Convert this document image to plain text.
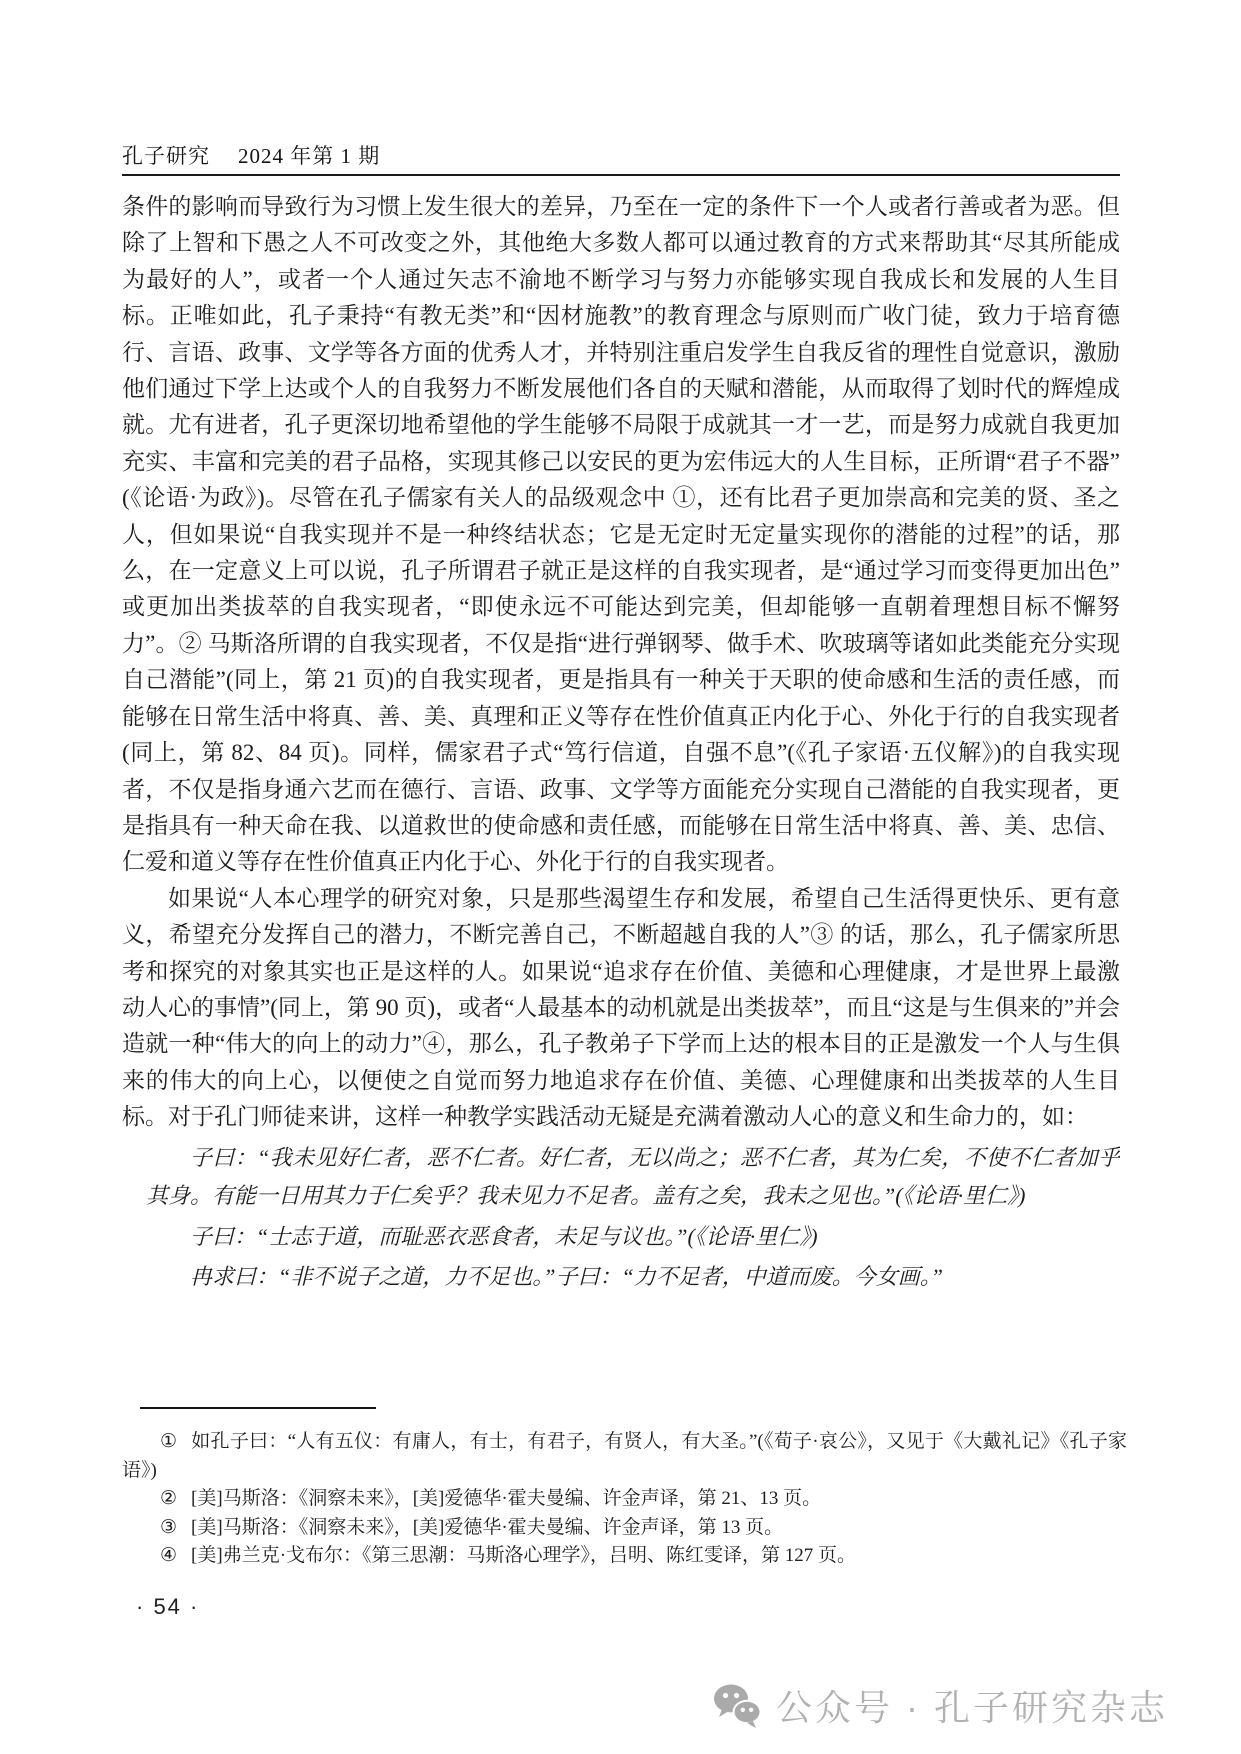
孔子研究 2024 年第 1 期

条件的影响而导致行为习惯上发生很大的差异，乃至在一定的条件下一个人或者行善或者为恶。但除了上智和下愚之人不可改变之外，其他绝大多数人都可以通过教育的方式来帮助其“尽其所能成为最好的人”，或者一个人通过矢志不渝地不断学习与努力亦能够实现自我成长和发展的人生目标。正唯如此，孔子秉持“有教无类”和“因材施教”的教育理念与原则而广收门徒，致力于培育德行、言语、政事、文学等各方面的优秀人才，并特别注重启发学生自我反省的理性自觉意识，激励他们通过下学上达或个人的自我努力不断发展他们各自的天赋和潜能，从而取得了划时代的辉煌成就。尤有进者，孔子更深切地希望他的学生能够不局限于成就其一才一艺，而是努力成就自我更加充实、丰富和完美的君子品格，实现其修己以安民的更为宏伟远大的人生目标，正所谓“君子不器”(《论语·为政》)。尽管在孔子儒家有关人的品级观念中 ①，还有比君子更加崇高和完美的贤、圣之人，但如果说“自我实现并不是一种终结状态；它是无定时无定量实现你的潜能的过程”的话，那么，在一定意义上可以说，孔子所谓君子就正是这样的自我实现者，是“通过学习而变得更加出色”或更加出类拔萃的自我实现者，“即使永远不可能达到完美，但却能够一直朝着理想目标不懈努力”。② 马斯洛所谓的自我实现者，不仅是指“进行弹钢琴、做手术、吹玻璃等诸如此类能充分实现自己潜能”(同上，第 21 页)的自我实现者，更是指具有一种关于天职的使命感和生活的责任感，而能够在日常生活中将真、善、美、真理和正义等存在性价值真正内化于心、外化于行的自我实现者(同上，第 82、84 页)。同样，儒家君子式“笃行信道，自强不息”(《孔子家语·五仪解》)的自我实现者，不仅是指身通六艺而在德行、言语、政事、文学等方面能充分实现自己潜能的自我实现者，更是指具有一种天命在我、以道救世的使命感和责任感，而能够在日常生活中将真、善、美、忠信、仁爱和道义等存在性价值真正内化于心、外化于行的自我实现者。

如果说“人本心理学的研究对象，只是那些渴望生存和发展，希望自己生活得更快乐、更有意义，希望充分发挥自己的潜力，不断完善自己，不断超越自我的人”③ 的话，那么，孔子儒家所思考和探究的对象其实也正是这样的人。如果说“追求存在价值、美德和心理健康，才是世界上最激动人心的事情”(同上，第 90 页)，或者“人最基本的动机就是出类拔萃”，而且“这是与生俱来的”并会造就一种“伟大的向上的动力”④，那么，孔子教弟子下学而上达的根本目的正是激发一个人与生俱来的伟大的向上心，以便使之自觉而努力地追求存在价值、美德、心理健康和出类拔萃的人生目标。对于孔门师徒来讲，这样一种教学实践活动无疑是充满着激动人心的意义和生命力的，如：

子曰：“我未见好仁者，恶不仁者。好仁者，无以尚之；恶不仁者，其为仁矣，不使不仁者加乎其身。有能一日用其力于仁矣乎？我未见力不足者。盖有之矣，我未之见也。”(《论语·里仁》)

子曰：“士志于道，而耻恶衣恶食者，未足与议也。”(《论语·里仁》)

冉求曰：“非不说子之道，力不足也。”子曰：“力不足者，中道而废。今女画。”

① 如孔子曰：“人有五仪：有庸人，有士，有君子，有贤人，有大圣。”(《荀子·哀公》，又见于《大戴礼记》《孔子家语》)

② [美]马斯洛：《洞察未来》，[美]爱德华·霍夫曼编、许金声译，第 21、13 页。

③ [美]马斯洛：《洞察未来》，[美]爱德华·霍夫曼编、许金声译，第 13 页。

④ [美]弗兰克·戈布尔：《第三思潮：马斯洛心理学》，吕明、陈红雯译，第 127 页。

· 54 ·
公众号 · 孔子研究杂志
